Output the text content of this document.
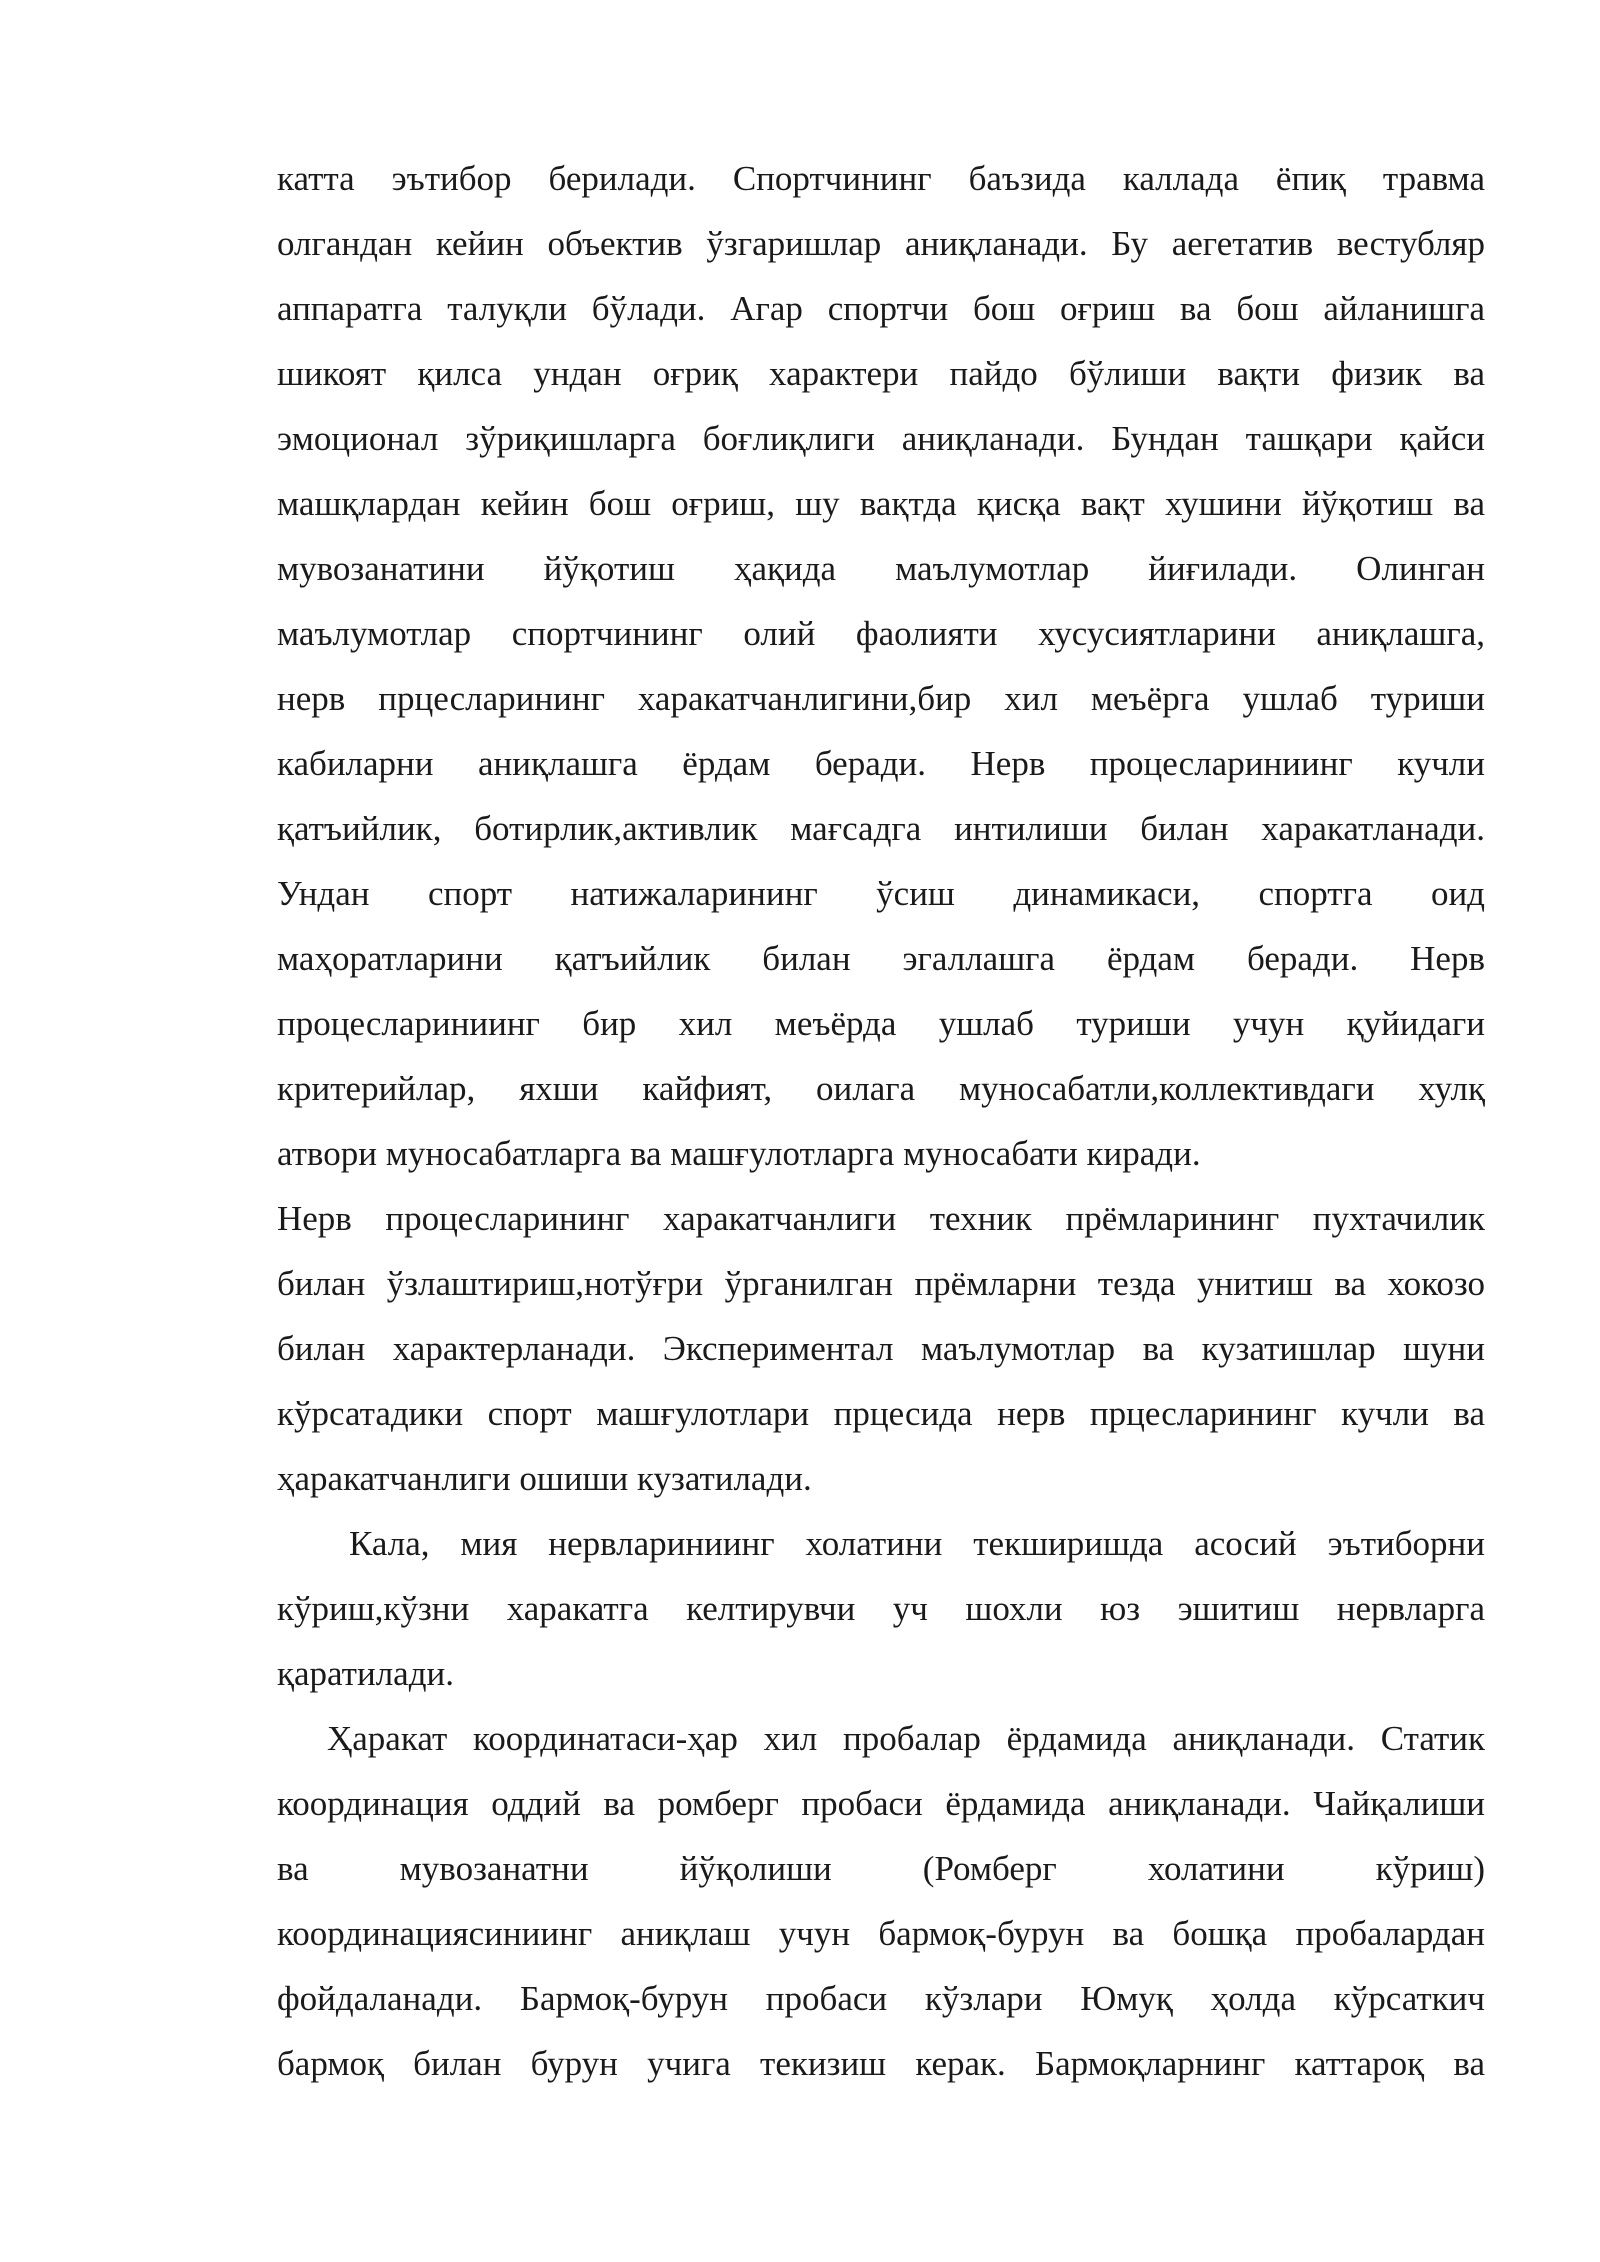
катта эътибор берилади. Спортчининг баъзида каллада ёпиқ травма
олгандан кейин объектив ўзгаришлар аниқланади. Бу аегетатив вестубляр
аппаратга талуқли бўлади. Агар спортчи бош оғриш ва бош айланишга
шикоят қилса ундан оғриқ характери пайдо бўлиши вақти физик ва
эмоционал зўриқишларга боғлиқлиги аниқланади. Бундан ташқари қайси
машқлардан кейин бош оғриш, шу вақтда қисқа вақт хушини йўқотиш ва
мувозанатини йўқотиш ҳақида маълумотлар йиғилади. Олинган
маълумотлар спортчининг олий фаолияти хусусиятларини аниқлашга,
нерв прцесларининг харакатчанлигини,бир хил меъёрга ушлаб туриши
кабиларни аниқлашга ёрдам беради. Нерв процеслариниинг кучли
қатъийлик, ботирлик,активлик мағсадга интилиши билан харакатланади.
Ундан спорт натижаларининг ўсиш динамикаси, спортга оид
маҳоратларини қатъийлик билан эгаллашга ёрдам беради. Нерв
процеслариниинг бир хил меъёрда ушлаб туриши учун қуйидаги
критерийлар, яхши кайфият, оилага муносабатли,коллективдаги хулқ
атвори муносабатларга ва машғулотларга муносабати киради.
Нерв процесларининг харакатчанлиги техник прёмларининг пухтачилик
билан ўзлаштириш,нотўғри ўрганилган прёмларни тезда унитиш ва хокозо
билан характерланади. Экспериментал маълумотлар ва кузатишлар шуни
кўрсатадики спорт машғулотлари прцесида нерв прцесларининг кучли ва
ҳаракатчанлиги ошиши кузатилади.
Кала, мия нервлариниинг холатини текширишда асосий эътиборни
кўриш,кўзни харакатга келтирувчи уч шохли юз эшитиш нервларга
қаратилади.
Ҳаракат координатаси-ҳар хил пробалар ёрдамида аниқланади. Статик
координация оддий ва ромберг пробаси ёрдамида аниқланади. Чайқалиши
ва мувозанатни йўқолиши (Ромберг холатини кўриш)
координациясиниинг аниқлаш учун бармоқ-бурун ва бошқа пробалардан
фойдаланади. Бармоқ-бурун пробаси кўзлари Юмуқ ҳолда кўрсаткич
бармоқ билан бурун учига текизиш керак. Бармоқларнинг каттароқ ва
